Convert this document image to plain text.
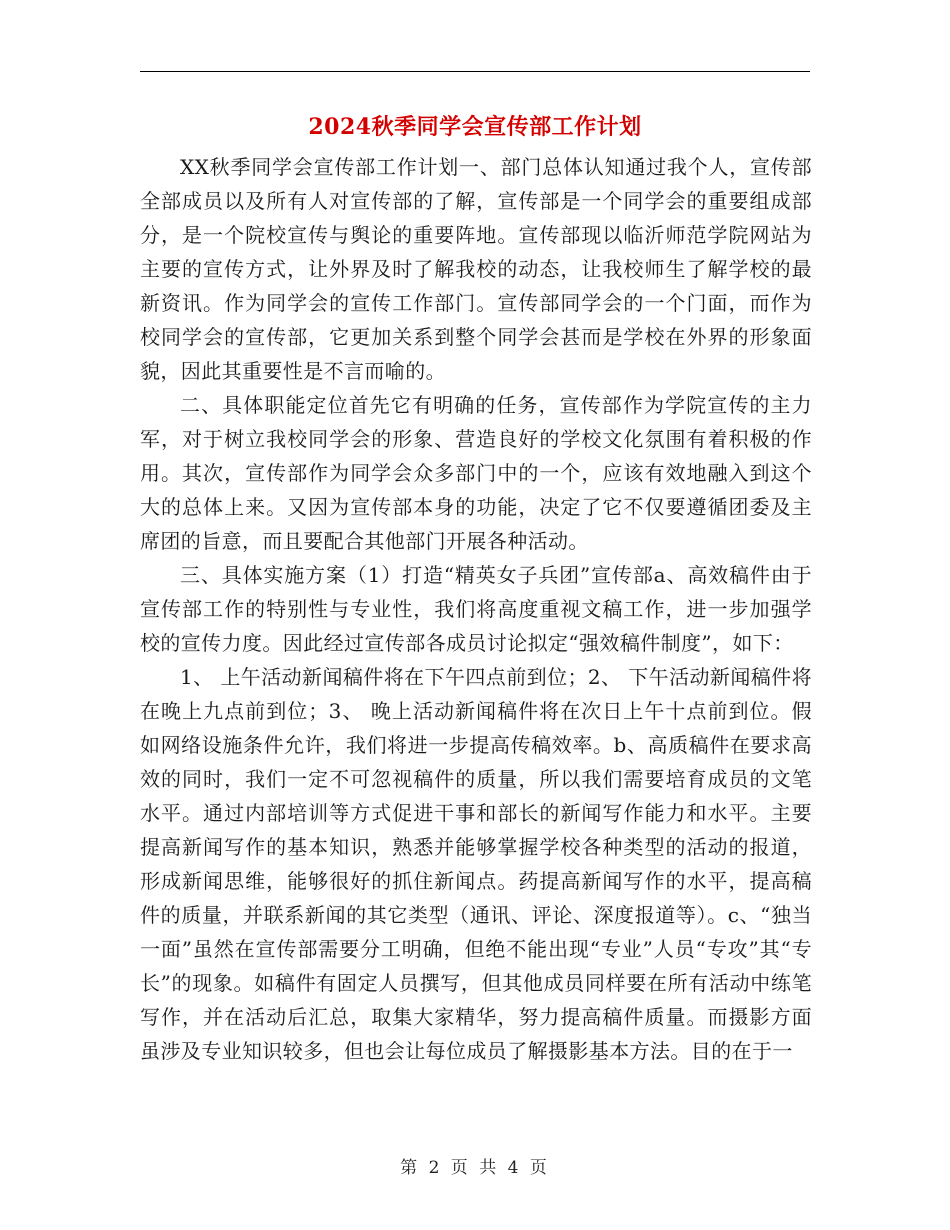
2024秋季同学会宣传部工作计划

XX秋季同学会宣传部工作计划一、部门总体认知通过我个人，宣传部全部成员以及所有人对宣传部的了解，宣传部是一个同学会的重要组成部分，是一个院校宣传与舆论的重要阵地。宣传部现以临沂师范学院网站为主要的宣传方式，让外界及时了解我校的动态，让我校师生了解学校的最新资讯。作为同学会的宣传工作部门。宣传部同学会的一个门面，而作为校同学会的宣传部，它更加关系到整个同学会甚而是学校在外界的形象面貌，因此其重要性是不言而喻的。

二、具体职能定位首先它有明确的任务，宣传部作为学院宣传的主力军，对于树立我校同学会的形象、营造良好的学校文化氛围有着积极的作用。其次，宣传部作为同学会众多部门中的一个，应该有效地融入到这个大的总体上来。又因为宣传部本身的功能，决定了它不仅要遵循团委及主席团的旨意，而且要配合其他部门开展各种活动。

三、具体实施方案（1）打造“精英女子兵团”宣传部a、高效稿件由于宣传部工作的特别性与专业性，我们将高度重视文稿工作，进一步加强学校的宣传力度。因此经过宣传部各成员讨论拟定“强效稿件制度”，如下：

1、 上午活动新闻稿件将在下午四点前到位；2、 下午活动新闻稿件将在晚上九点前到位；3、 晚上活动新闻稿件将在次日上午十点前到位。假如网络设施条件允许，我们将进一步提高传稿效率。b、高质稿件在要求高效的同时，我们一定不可忽视稿件的质量，所以我们需要培育成员的文笔水平。通过内部培训等方式促进干事和部长的新闻写作能力和水平。主要提高新闻写作的基本知识，熟悉并能够掌握学校各种类型的活动的报道，形成新闻思维，能够很好的抓住新闻点。药提高新闻写作的水平，提高稿件的质量，并联系新闻的其它类型（通讯、评论、深度报道等）。c、“独当一面”虽然在宣传部需要分工明确，但绝不能出现“专业”人员“专攻”其“专长”的现象。如稿件有固定人员撰写，但其他成员同样要在所有活动中练笔写作，并在活动后汇总，取集大家精华，努力提高稿件质量。而摄影方面虽涉及专业知识较多，但也会让每位成员了解摄影基本方法。目的在于一

第 2 页 共 4 页
